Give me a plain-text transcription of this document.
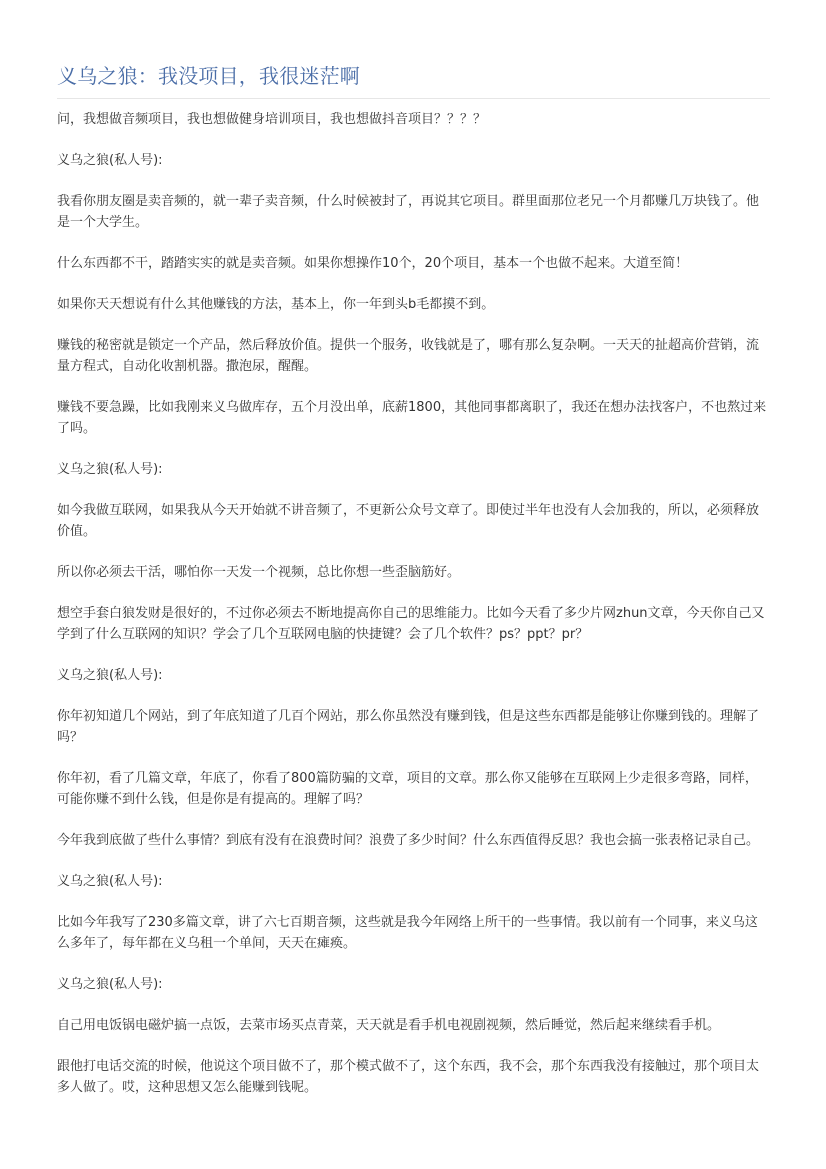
义乌之狼：我没项目，我很迷茫啊

问，我想做音频项目，我也想做健身培训项目，我也想做抖音项目？？？？

义乌之狼(私人号):

我看你朋友圈是卖音频的，就一辈子卖音频，什么时候被封了，再说其它项目。群里面那位老兄一个月都赚几万块钱了。他是一个大学生。

什么东西都不干，踏踏实实的就是卖音频。如果你想操作10个，20个项目，基本一个也做不起来。大道至简！

如果你天天想说有什么其他赚钱的方法，基本上，你一年到头b毛都摸不到。

赚钱的秘密就是锁定一个产品，然后释放价值。提供一个服务，收钱就是了，哪有那么复杂啊。一天天的扯超高价营销，流量方程式，自动化收割机器。撒泡尿，醒醒。

赚钱不要急躁，比如我刚来义乌做库存，五个月没出单，底薪1800，其他同事都离职了，我还在想办法找客户，不也熬过来了吗。

义乌之狼(私人号):

如今我做互联网，如果我从今天开始就不讲音频了，不更新公众号文章了。即使过半年也没有人会加我的，所以，必须释放价值。

所以你必须去干活，哪怕你一天发一个视频，总比你想一些歪脑筋好。

想空手套白狼发财是很好的，不过你必须去不断地提高你自己的思维能力。比如今天看了多少片网zhun文章，今天你自己又学到了什么互联网的知识？学会了几个互联网电脑的快捷键？会了几个软件？ps？ppt？pr？

义乌之狼(私人号):

你年初知道几个网站，到了年底知道了几百个网站，那么你虽然没有赚到钱，但是这些东西都是能够让你赚到钱的。理解了吗？

你年初，看了几篇文章，年底了，你看了800篇防骗的文章，项目的文章。那么你又能够在互联网上少走很多弯路，同样，可能你赚不到什么钱，但是你是有提高的。理解了吗？

今年我到底做了些什么事情？到底有没有在浪费时间？浪费了多少时间？什么东西值得反思？我也会搞一张表格记录自己。

义乌之狼(私人号):

比如今年我写了230多篇文章，讲了六七百期音频，这些就是我今年网络上所干的一些事情。我以前有一个同事，来义乌这么多年了，每年都在义乌租一个单间，天天在瘫痪。

义乌之狼(私人号):

自己用电饭锅电磁炉搞一点饭，去菜市场买点青菜，天天就是看手机电视剧视频，然后睡觉，然后起来继续看手机。

跟他打电话交流的时候，他说这个项目做不了，那个模式做不了，这个东西，我不会，那个东西我没有接触过，那个项目太多人做了。哎，这种思想又怎么能赚到钱呢。
